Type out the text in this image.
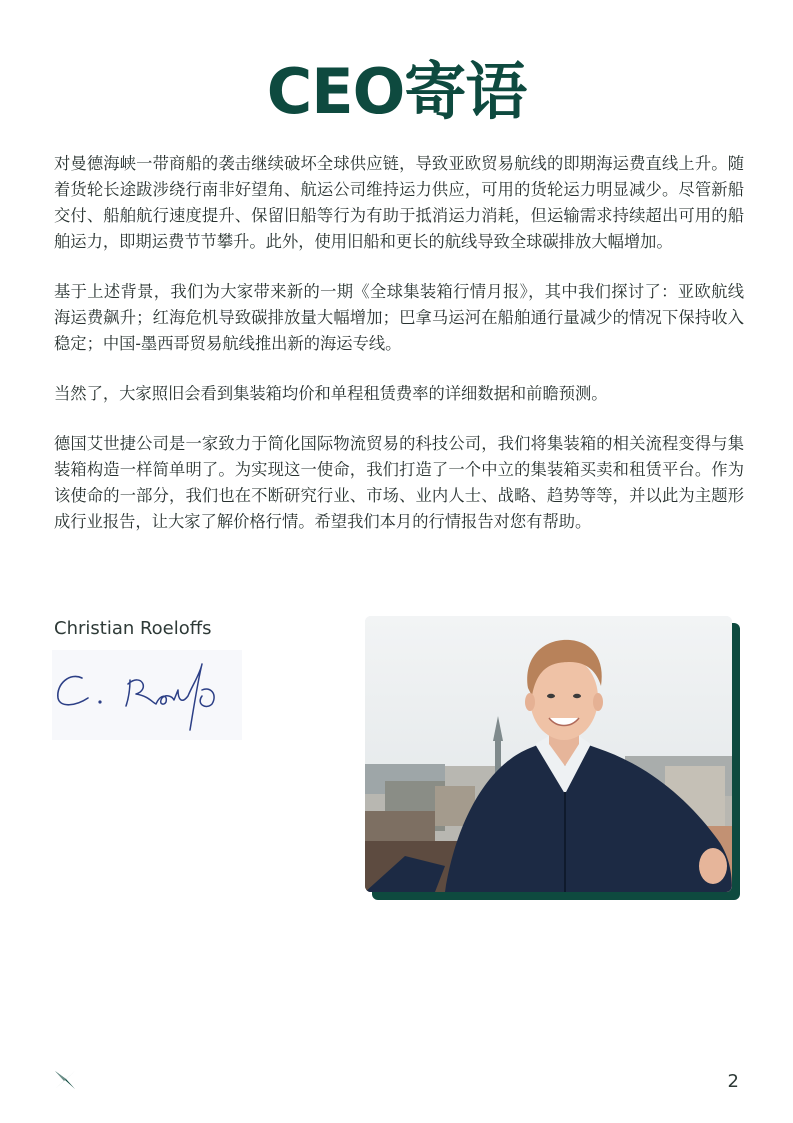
CEO寄语

对曼德海峡一带商船的袭击继续破坏全球供应链，导致亚欧贸易航线的即期海运费直线上升。随着货轮长途跋涉绕行南非好望角、航运公司维持运力供应，可用的货轮运力明显减少。尽管新船交付、船舶航行速度提升、保留旧船等行为有助于抵消运力消耗，但运输需求持续超出可用的船舶运力，即期运费节节攀升。此外，使用旧船和更长的航线导致全球碳排放大幅增加。

基于上述背景，我们为大家带来新的一期《全球集装箱行情月报》，其中我们探讨了：亚欧航线海运费飙升；红海危机导致碳排放量大幅增加；巴拿马运河在船舶通行量减少的情况下保持收入稳定；中国-墨西哥贸易航线推出新的海运专线。

当然了，大家照旧会看到集装箱均价和单程租赁费率的详细数据和前瞻预测。

德国艾世捷公司是一家致力于简化国际物流贸易的科技公司，我们将集装箱的相关流程变得与集装箱构造一样简单明了。为实现这一使命，我们打造了一个中立的集装箱买卖和租赁平台。作为该使命的一部分，我们也在不断研究行业、市场、业内人士、战略、趋势等等，并以此为主题形成行业报告，让大家了解价格行情。希望我们本月的行情报告对您有帮助。

Christian Roeloffs
2
